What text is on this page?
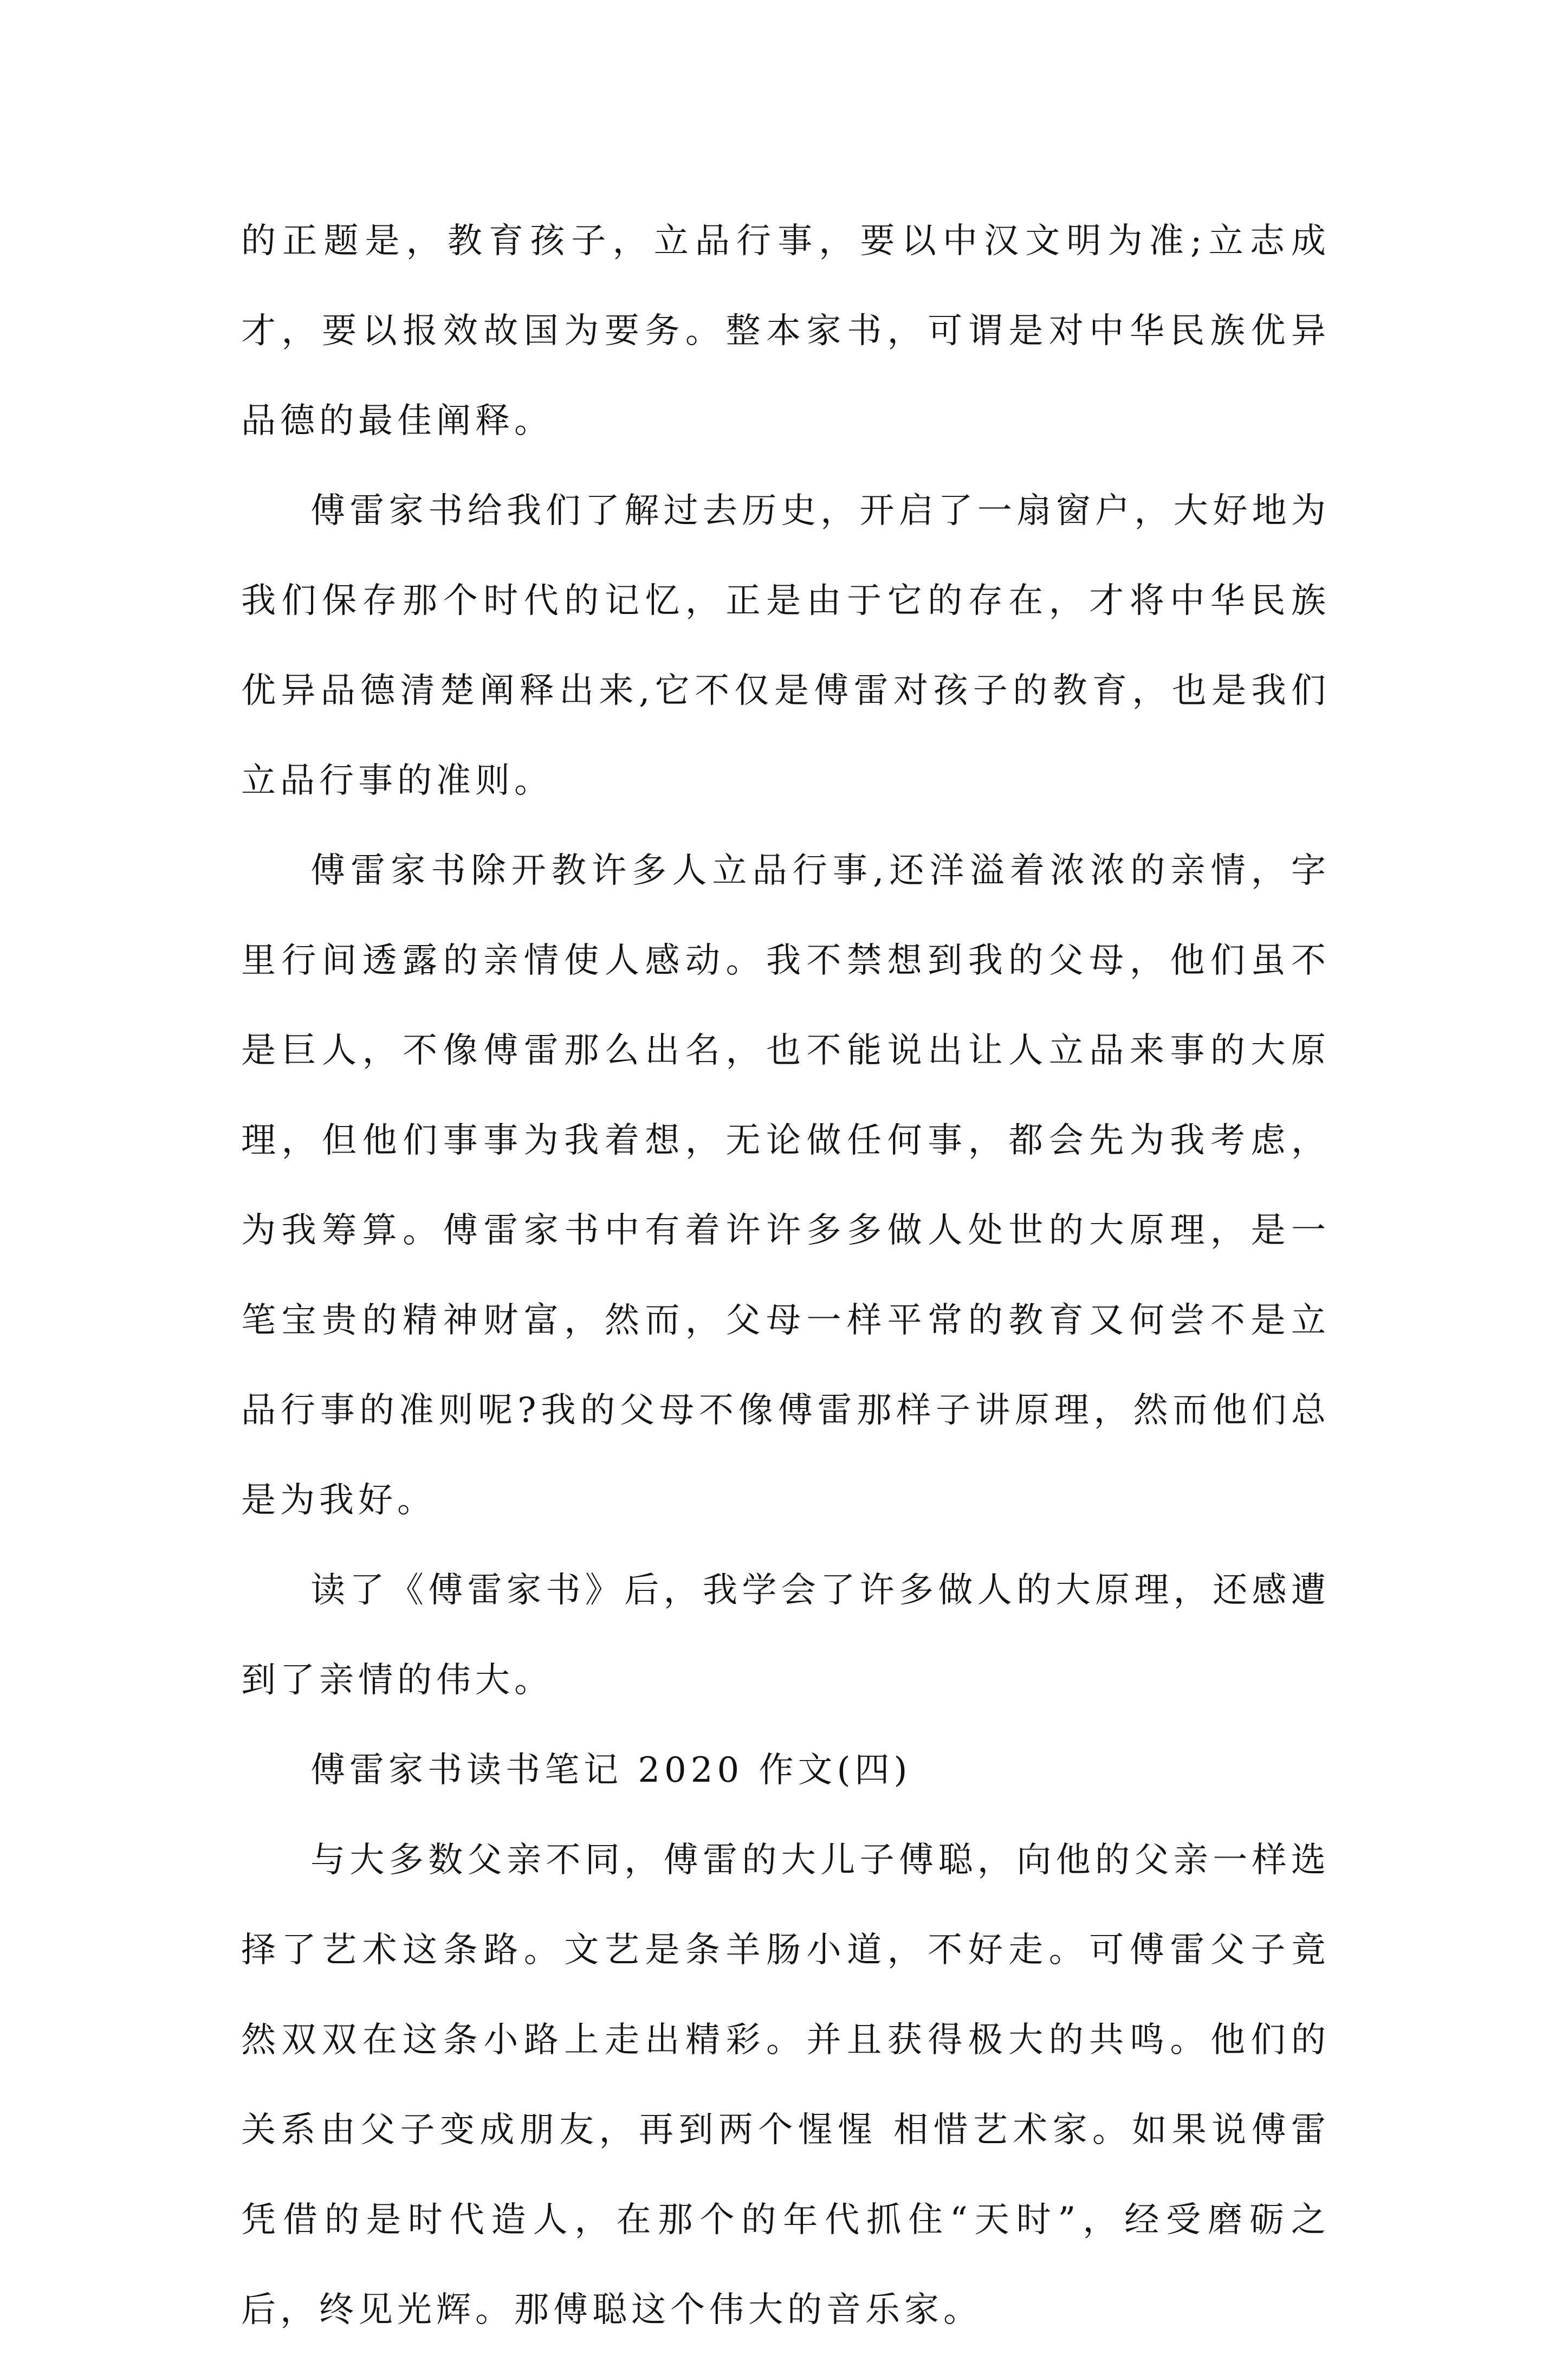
的正题是，教育孩子，立品行事，要以中汉文明为准;立志成才，要以报效故国为要务。整本家书，可谓是对中华民族优异品德的最佳阐释。

傅雷家书给我们了解过去历史，开启了一扇窗户，大好地为我们保存那个时代的记忆，正是由于它的存在，才将中华民族优异品德清楚阐释出来,它不仅是傅雷对孩子的教育，也是我们立品行事的准则。

傅雷家书除开教许多人立品行事,还洋溢着浓浓的亲情，字里行间透露的亲情使人感动。我不禁想到我的父母，他们虽不是巨人，不像傅雷那么出名，也不能说出让人立品来事的大原理，但他们事事为我着想，无论做任何事，都会先为我考虑，为我筹算。傅雷家书中有着许许多多做人处世的大原理，是一笔宝贵的精神财富，然而，父母一样平常的教育又何尝不是立品行事的准则呢?我的父母不像傅雷那样子讲原理，然而他们总是为我好。

读了《傅雷家书》后，我学会了许多做人的大原理，还感遭到了亲情的伟大。

傅雷家书读书笔记 2020 作文(四)

与大多数父亲不同，傅雷的大儿子傅聪，向他的父亲一样选择了艺术这条路。文艺是条羊肠小道，不好走。可傅雷父子竟然双双在这条小路上走出精彩。并且获得极大的共鸣。他们的关系由父子变成朋友，再到两个惺惺 相惜艺术家。如果说傅雷凭借的是时代造人，在那个的年代抓住“天时”，经受磨砺之后，终见光辉。那傅聪这个伟大的音乐家。
